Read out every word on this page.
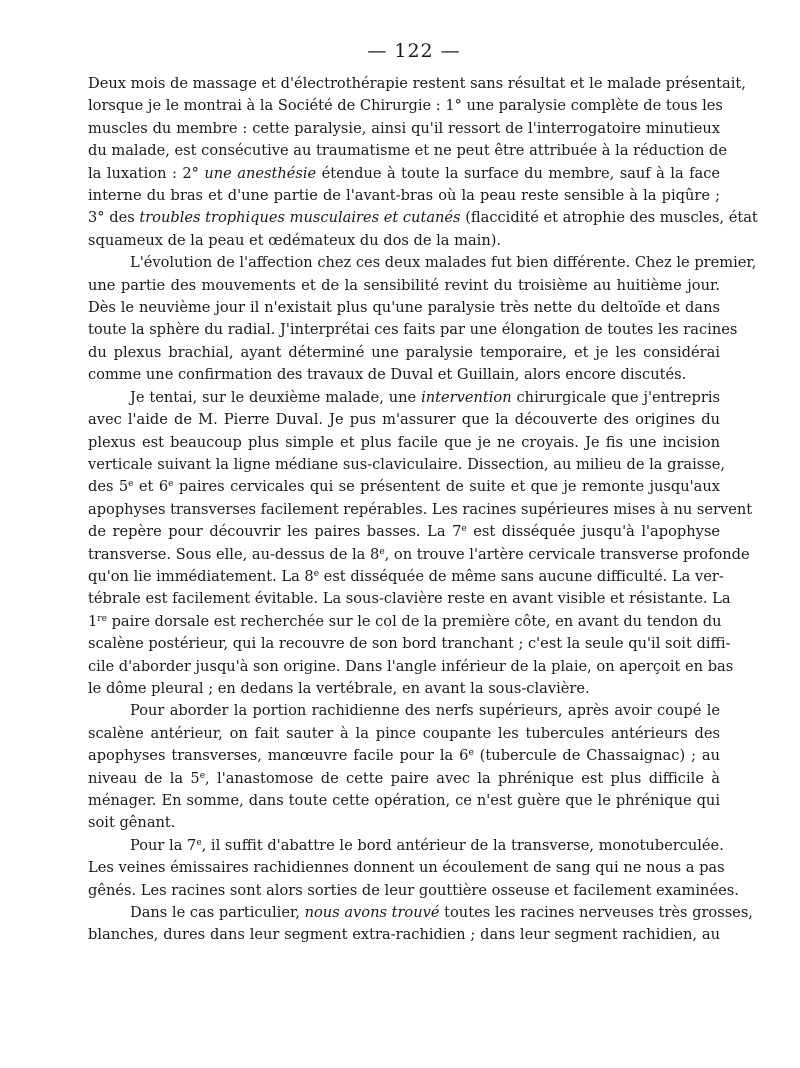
— 122 —

Deux mois de massage et d'électrothérapie restent sans résultat et le malade présentait,
lorsque je le montrai à la Société de Chirurgie : 1° une paralysie complète de tous les
muscles du membre : cette paralysie, ainsi qu'il ressort de l'interrogatoire minutieux
du malade, est consécutive au traumatisme et ne peut être attribuée à la réduction de
la luxation : 2° une anesthésie étendue à toute la surface du membre, sauf à la face
interne du bras et d'une partie de l'avant-bras où la peau reste sensible à la piqûre ;
3° des troubles trophiques musculaires et cutanés (flaccidité et atrophie des muscles, état
squameux de la peau et œdémateux du dos de la main).

L'évolution de l'affection chez ces deux malades fut bien différente. Chez le premier,
une partie des mouvements et de la sensibilité revint du troisième au huitième jour.
Dès le neuvième jour il n'existait plus qu'une paralysie très nette du deltoïde et dans
toute la sphère du radial. J'interprétai ces faits par une élongation de toutes les racines
du plexus brachial, ayant déterminé une paralysie temporaire, et je les considérai
comme une confirmation des travaux de Duval et Guillain, alors encore discutés.

Je tentai, sur le deuxième malade, une intervention chirurgicale que j'entrepris
avec l'aide de M. Pierre Duval. Je pus m'assurer que la découverte des origines du
plexus est beaucoup plus simple et plus facile que je ne croyais. Je fis une incision
verticale suivant la ligne médiane sus-claviculaire. Dissection, au milieu de la graisse,
des 5e et 6e paires cervicales qui se présentent de suite et que je remonte jusqu'aux
apophyses transverses facilement repérables. Les racines supérieures mises à nu servent
de repère pour découvrir les paires basses. La 7e est disséquée jusqu'à l'apophyse
transverse. Sous elle, au-dessus de la 8e, on trouve l'artère cervicale transverse profonde
qu'on lie immédiatement. La 8e est disséquée de même sans aucune difficulté. La ver-
tébrale est facilement évitable. La sous-clavière reste en avant visible et résistante. La
1re paire dorsale est recherchée sur le col de la première côte, en avant du tendon du
scalène postérieur, qui la recouvre de son bord tranchant ; c'est la seule qu'il soit diffi-
cile d'aborder jusqu'à son origine. Dans l'angle inférieur de la plaie, on aperçoit en bas
le dôme pleural ; en dedans la vertébrale, en avant la sous-clavière.

Pour aborder la portion rachidienne des nerfs supérieurs, après avoir coupé le
scalène antérieur, on fait sauter à la pince coupante les tubercules antérieurs des
apophyses transverses, manœuvre facile pour la 6e (tubercule de Chassaignac) ; au
niveau de la 5e, l'anastomose de cette paire avec la phrénique est plus difficile à
ménager. En somme, dans toute cette opération, ce n'est guère que le phrénique qui
soit gênant.

Pour la 7e, il suffit d'abattre le bord antérieur de la transverse, monotuberculée.
Les veines émissaires rachidiennes donnent un écoulement de sang qui ne nous a pas
gênés. Les racines sont alors sorties de leur gouttière osseuse et facilement examinées.

Dans le cas particulier, nous avons trouvé toutes les racines nerveuses très grosses,
blanches, dures dans leur segment extra-rachidien ; dans leur segment rachidien, au
